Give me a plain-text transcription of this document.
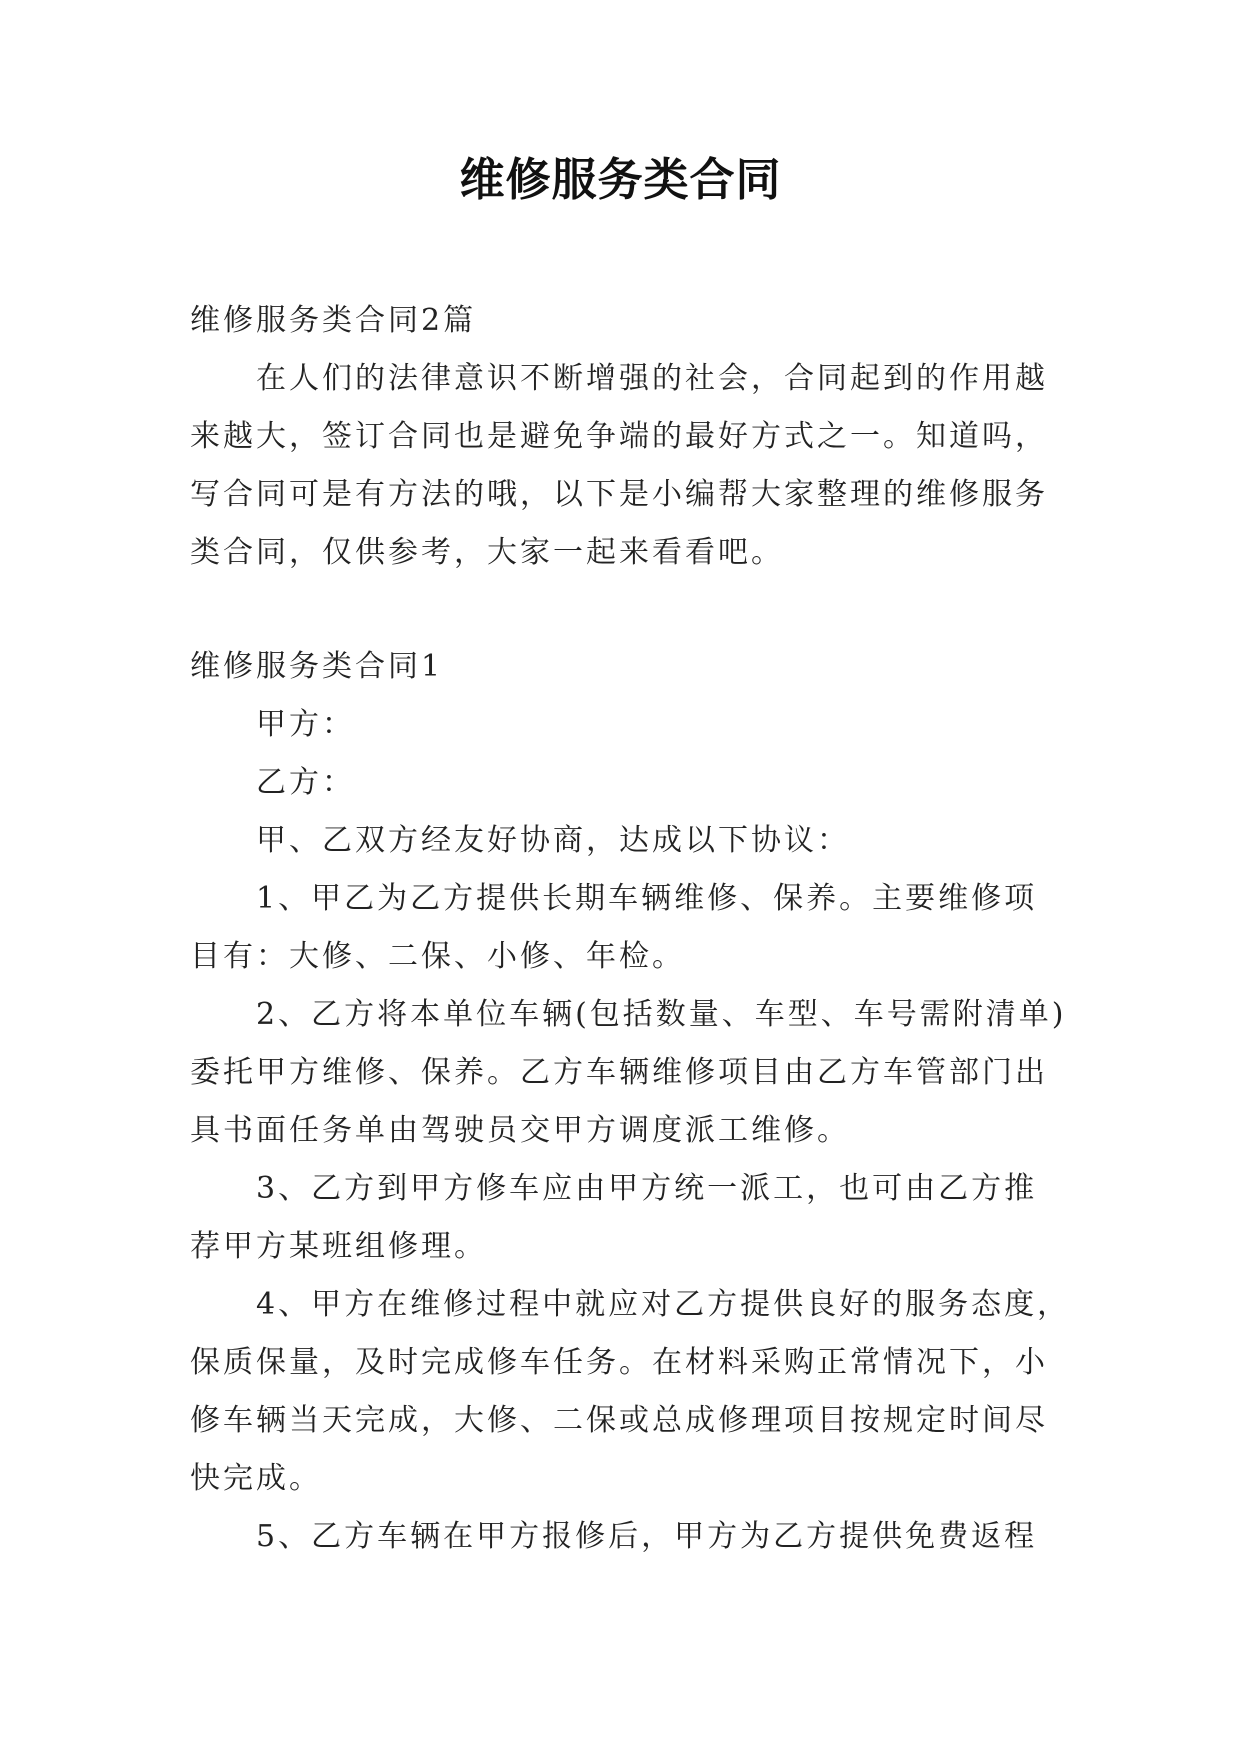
维修服务类合同
维修服务类合同2篇
在人们的法律意识不断增强的社会，合同起到的作用越
来越大，签订合同也是避免争端的最好方式之一。知道吗，
写合同可是有方法的哦，以下是小编帮大家整理的维修服务
类合同，仅供参考，大家一起来看看吧。
维修服务类合同1
甲方：
乙方：
甲、乙双方经友好协商，达成以下协议：
1、甲乙为乙方提供长期车辆维修、保养。主要维修项
目有：大修、二保、小修、年检。
2、乙方将本单位车辆(包括数量、车型、车号需附清单)
委托甲方维修、保养。乙方车辆维修项目由乙方车管部门出
具书面任务单由驾驶员交甲方调度派工维修。
3、乙方到甲方修车应由甲方统一派工，也可由乙方推
荐甲方某班组修理。
4、甲方在维修过程中就应对乙方提供良好的服务态度，
保质保量，及时完成修车任务。在材料采购正常情况下，小
修车辆当天完成，大修、二保或总成修理项目按规定时间尽
快完成。
5、乙方车辆在甲方报修后，甲方为乙方提供免费返程
